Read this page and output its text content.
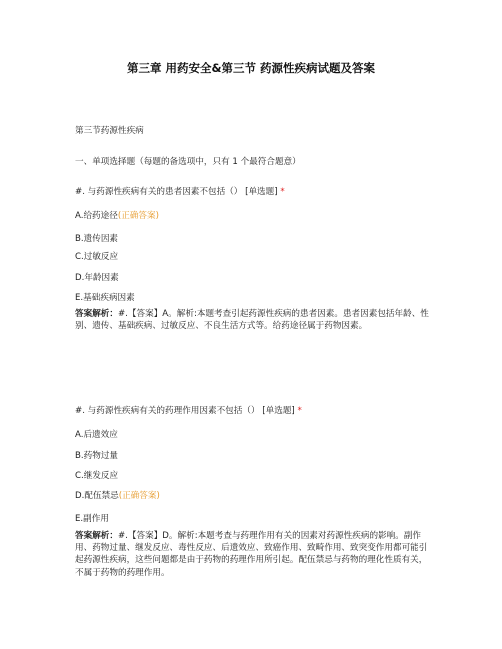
第三章 用药安全&第三节 药源性疾病试题及答案
第三节药源性疾病
一、单项选择题（每题的备选项中，只有 1 个最符合题意）
#. 与药源性疾病有关的患者因素不包括（） [单选题] *
A.给药途径(正确答案)
B.遗传因素
C.过敏反应
D.年龄因素
E.基础疾病因素
答案解析：#.【答案】A。解析:本题考查引起药源性疾病的患者因素。患者因素包括年龄、性别、遗传、基础疾病、过敏反应、不良生活方式等。给药途径属于药物因素。
#. 与药源性疾病有关的药理作用因素不包括（） [单选题] *
A.后遗效应
B.药物过量
C.继发反应
D.配伍禁忌(正确答案)
E.副作用
答案解析：#.【答案】D。解析:本题考查与药理作用有关的因素对药源性疾病的影响。副作用、药物过量、继发反应、毒性反应、后遗效应、致癌作用、致畸作用、致突变作用都可能引起药源性疾病，这些问题都是由于药物的药理作用所引起。配伍禁忌与药物的理化性质有关，不属于药物的药理作用。
